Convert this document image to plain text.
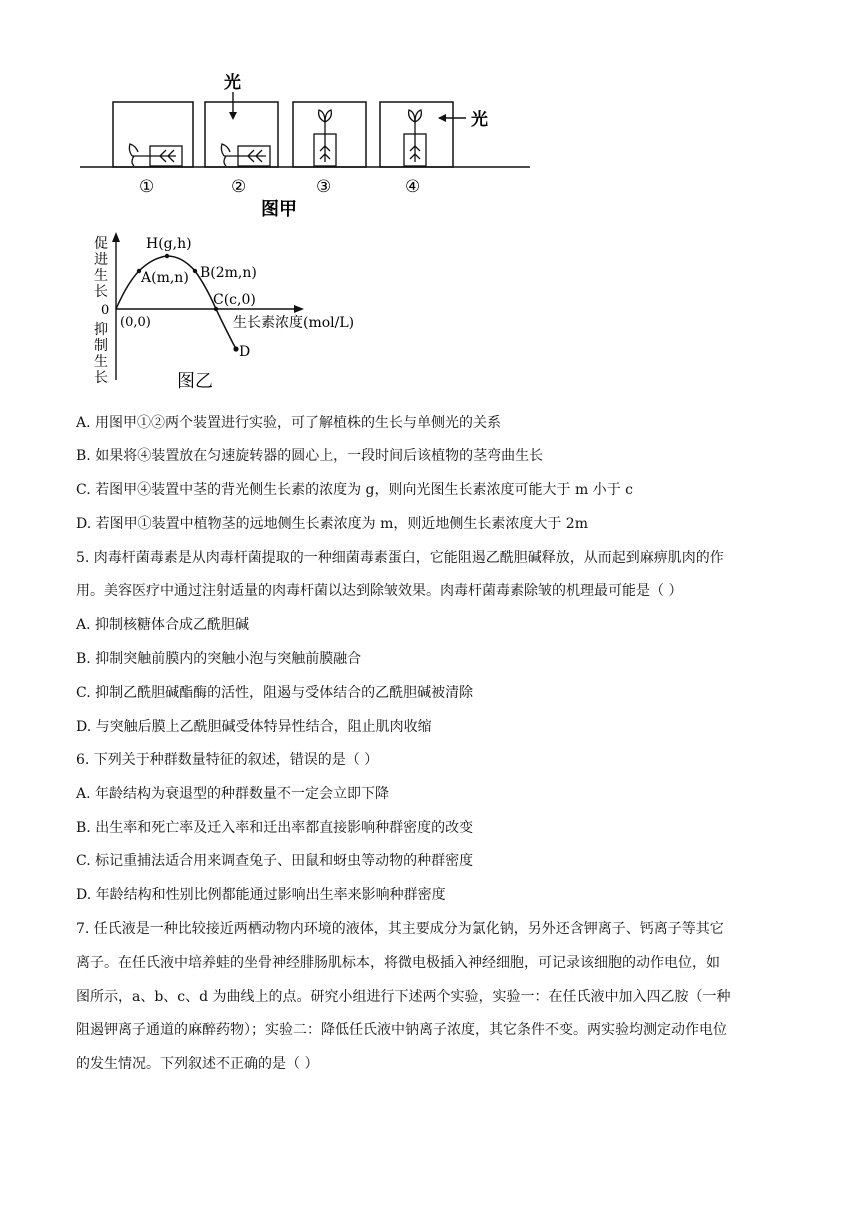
光
光
①	②	③	④
图甲
促
进
生
长
0
抑
制
生
长
H(g,h)
A(m,n) B(2m,n)
C(c,0)
D
(0,0)	生长素浓度(mol/L)
图乙
A. 用图甲①②两个装置进行实验，可了解植株的生长与单侧光的关系
B. 如果将④装置放在匀速旋转器的圆心上，一段时间后该植物的茎弯曲生长
C. 若图甲④装置中茎的背光侧生长素的浓度为 g，则向光图生长素浓度可能大于 m 小于 c
D. 若图甲①装置中植物茎的远地侧生长素浓度为 m，则近地侧生长素浓度大于 2m
5. 肉毒杆菌毒素是从肉毒杆菌提取的一种细菌毒素蛋白，它能阻遏乙酰胆碱释放，从而起到麻痹肌肉的作
用。美容医疗中通过注射适量的肉毒杆菌以达到除皱效果。肉毒杆菌毒素除皱的机理最可能是（ ）
A. 抑制核糖体合成乙酰胆碱
B. 抑制突触前膜内的突触小泡与突触前膜融合
C. 抑制乙酰胆碱酯酶的活性，阻遏与受体结合的乙酰胆碱被清除
D. 与突触后膜上乙酰胆碱受体特异性结合，阻止肌肉收缩
6. 下列关于种群数量特征的叙述，错误的是（ ）
A. 年龄结构为衰退型的种群数量不一定会立即下降
B. 出生率和死亡率及迁入率和迁出率都直接影响种群密度的改变
C. 标记重捕法适合用来调查兔子、田鼠和蚜虫等动物的种群密度
D. 年龄结构和性别比例都能通过影响出生率来影响种群密度
7. 任氏液是一种比较接近两栖动物内环境的液体，其主要成分为氯化钠，另外还含钾离子、钙离子等其它
离子。在任氏液中培养蛙的坐骨神经腓肠肌标本，将微电极插入神经细胞，可记录该细胞的动作电位，如
图所示，a、b、c、d 为曲线上的点。研究小组进行下述两个实验，实验一：在任氏液中加入四乙胺（一种
阻遏钾离子通道的麻醉药物）；实验二：降低任氏液中钠离子浓度，其它条件不变。两实验均测定动作电位
的发生情况。下列叙述不正确的是（ ）
